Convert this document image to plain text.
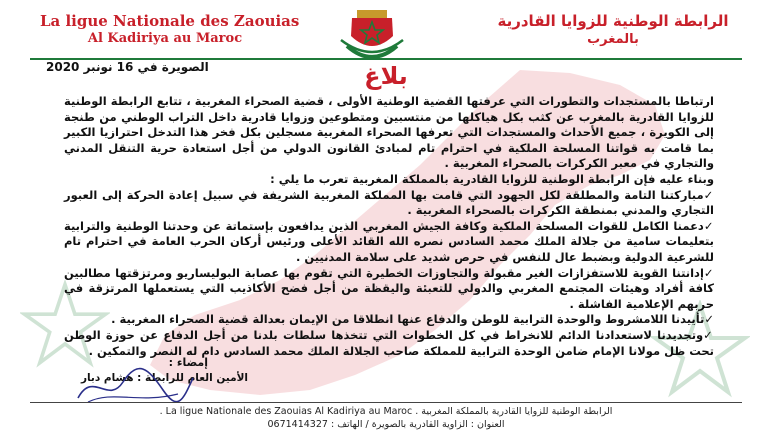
La ligue Nationale des Zaouias
Al Kadiriya au Maroc
الرابطة الوطنية للزوايا القادرية
بالمغرب
الصويرة في 16 نونبر 2020	بلاغ

ارتباطا بالمستجدات والتطورات التي عرفتها القضية الوطنية الأولى ، قضية الصحراء المغربية ، تتابع الرابطة الوطنية للزوايا القادرية بالمغرب عن كثب بكل هياكلها من منتسبين ومتطوعين وزوايا قادرية داخل التراب الوطني من طنجة إلى الكويرة ، جميع الأحداث والمستجدات التي تعرفها الصحراء المغربية مسجلين بكل فخر هذا التدخل احترازيا الكبير بما قامت به قواتنا المسلحة الملكية في احترام تام لمبادئ القانون الدولي من أجل استعادة حرية التنقل المدني والتجاري في معبر الكركرات بالصحراء المغربية .

وبناء عليه فإن الرابطة الوطنية للزوايا القادرية بالمملكة المغربية تعرب ما يلي :

✓ مباركتنا التامة والمطلقة لكل الجهود التي قامت بها المملكة المغربية الشريفة في سبيل إعادة الحركة إلى العبور التجاري والمدني بمنطقة الكركرات بالصحراء المغربية .

✓ دعمنا الكامل للقوات المسلحة الملكية وكافة الجيش المغربي الذين يدافعون بإستماتة عن وحدتنا الوطنية والترابية بتعليمات سامية من جلالة الملك محمد السادس نصره الله القائد الأعلى ورئيس أركان الحرب العامة في احترام تام للشرعية الدولية وبضبط عال للنفس في حرص شديد على سلامة المدنيين .

✓ إدانتنا القوية للاستفزازات الغير مقبولة والتجاوزات الخطيرة التي تقوم بها عصابة البوليساريو ومرتزقتها مطالبين كافة أفراد وهيئات المجتمع المغربي والدولي للتعبئة واليقظة من أجل فضح الأكاذيب التي يستعملها المرتزقة في حربهم الإعلامية الفاشلة .

✓ تأييدنا اللامشروط والوحدة الترابية للوطن والدفاع عنها انطلاقا من الإيمان بعدالة قضية الصحراء المغربية .

✓ وتجديدنا لاستعدادنا الدائم للانخراط في كل الخطوات التي تتخذها سلطات بلدنا من أجل الدفاع عن حوزة الوطن تحت ظل مولانا الإمام ضامن الوحدة الترابية للمملكة صاحب الجلالة الملك محمد السادس دام له النصر والتمكين .

إمضاء :
الأمين العام للرابطة : هشام دبار
الرابطة الوطنية للزوايا القادرية بالمملكة المغربية . La ligue Nationale des Zaouias Al Kadiriya au Maroc .
العنوان : الزاوية القادرية بالصويرة / الهاتف : 0671414327
